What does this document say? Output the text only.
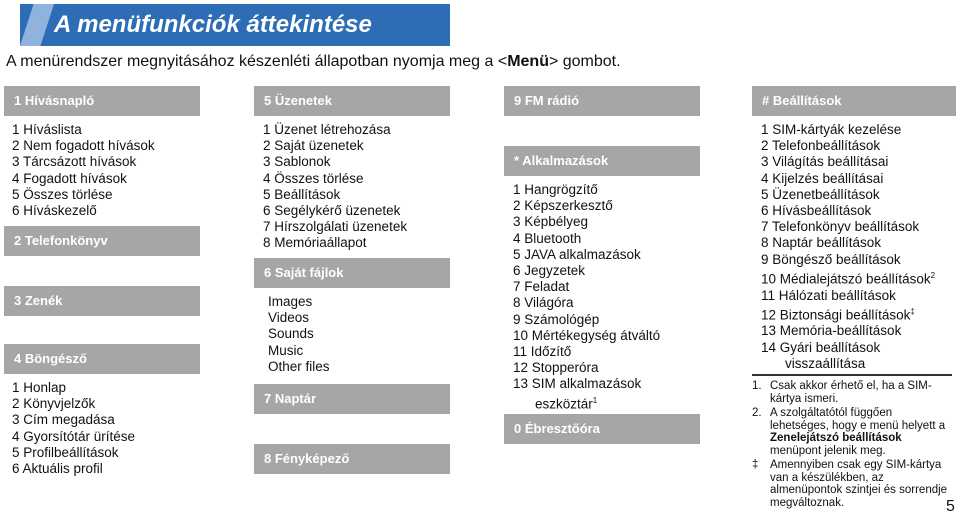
A menüfunkciók áttekintése
A menürendszer megnyitásához készenléti állapotban nyomja meg a <Menü> gombot.
1 Hívásnapló
1 Híváslista
2 Nem fogadott hívások
3 Tárcsázott hívások
4 Fogadott hívások
5 Összes törlése
6 Híváskezelő
2 Telefonkönyv
3 Zenék
4 Böngésző
1 Honlap
2 Könyvjelzők
3 Cím megadása
4 Gyorsítótár ürítése
5 Profilbeállítások
6 Aktuális profil
5 Üzenetek
1 Üzenet létrehozása
2 Saját üzenetek
3 Sablonok
4 Összes törlése
5 Beállítások
6 Segélykérő üzenetek
7 Hírszolgálati üzenetek
8 Memóriaállapot
6 Saját fájlok
Images
Videos
Sounds
Music
Other files
7 Naptár
8 Fényképező
9 FM rádió
* Alkalmazások
1 Hangrögzítő
2 Képszerkesztő
3 Képbélyeg
4 Bluetooth
5 JAVA alkalmazások
6 Jegyzetek
7 Feladat
8 Világóra
9 Számológép
10 Mértékegység átváltó
11 Időzítő
12 Stopperóra
13 SIM alkalmazások
eszköztár$^1$
0 Ébresztőóra
# Beállítások
1 SIM-kártyák kezelése
2 Telefonbeállítások
3 Világítás beállításai
4 Kijelzés beállításai
5 Üzenetbeállítások
6 Hívásbeállítások
7 Telefonkönyv beállítások
8 Naptár beállítások
9 Böngésző beállítások
10 Médialejátszó beállítások$^2$
11 Hálózati beállítások
12 Biztonsági beállítások‡
13 Memória-beállítások
14 Gyári beállítások
visszaállítása
1. Csak akkor érhető el, ha a SIM-kártya ismeri.
2. A szolgáltatótól függően lehetséges, hogy e menü helyett a Zenelejátszó beállítások menüpont jelenik meg.
‡	Amennyiben csak egy SIM-kártya van a készülékben, az almenüpontok szintjei és sorrendje megváltoznak.	5
